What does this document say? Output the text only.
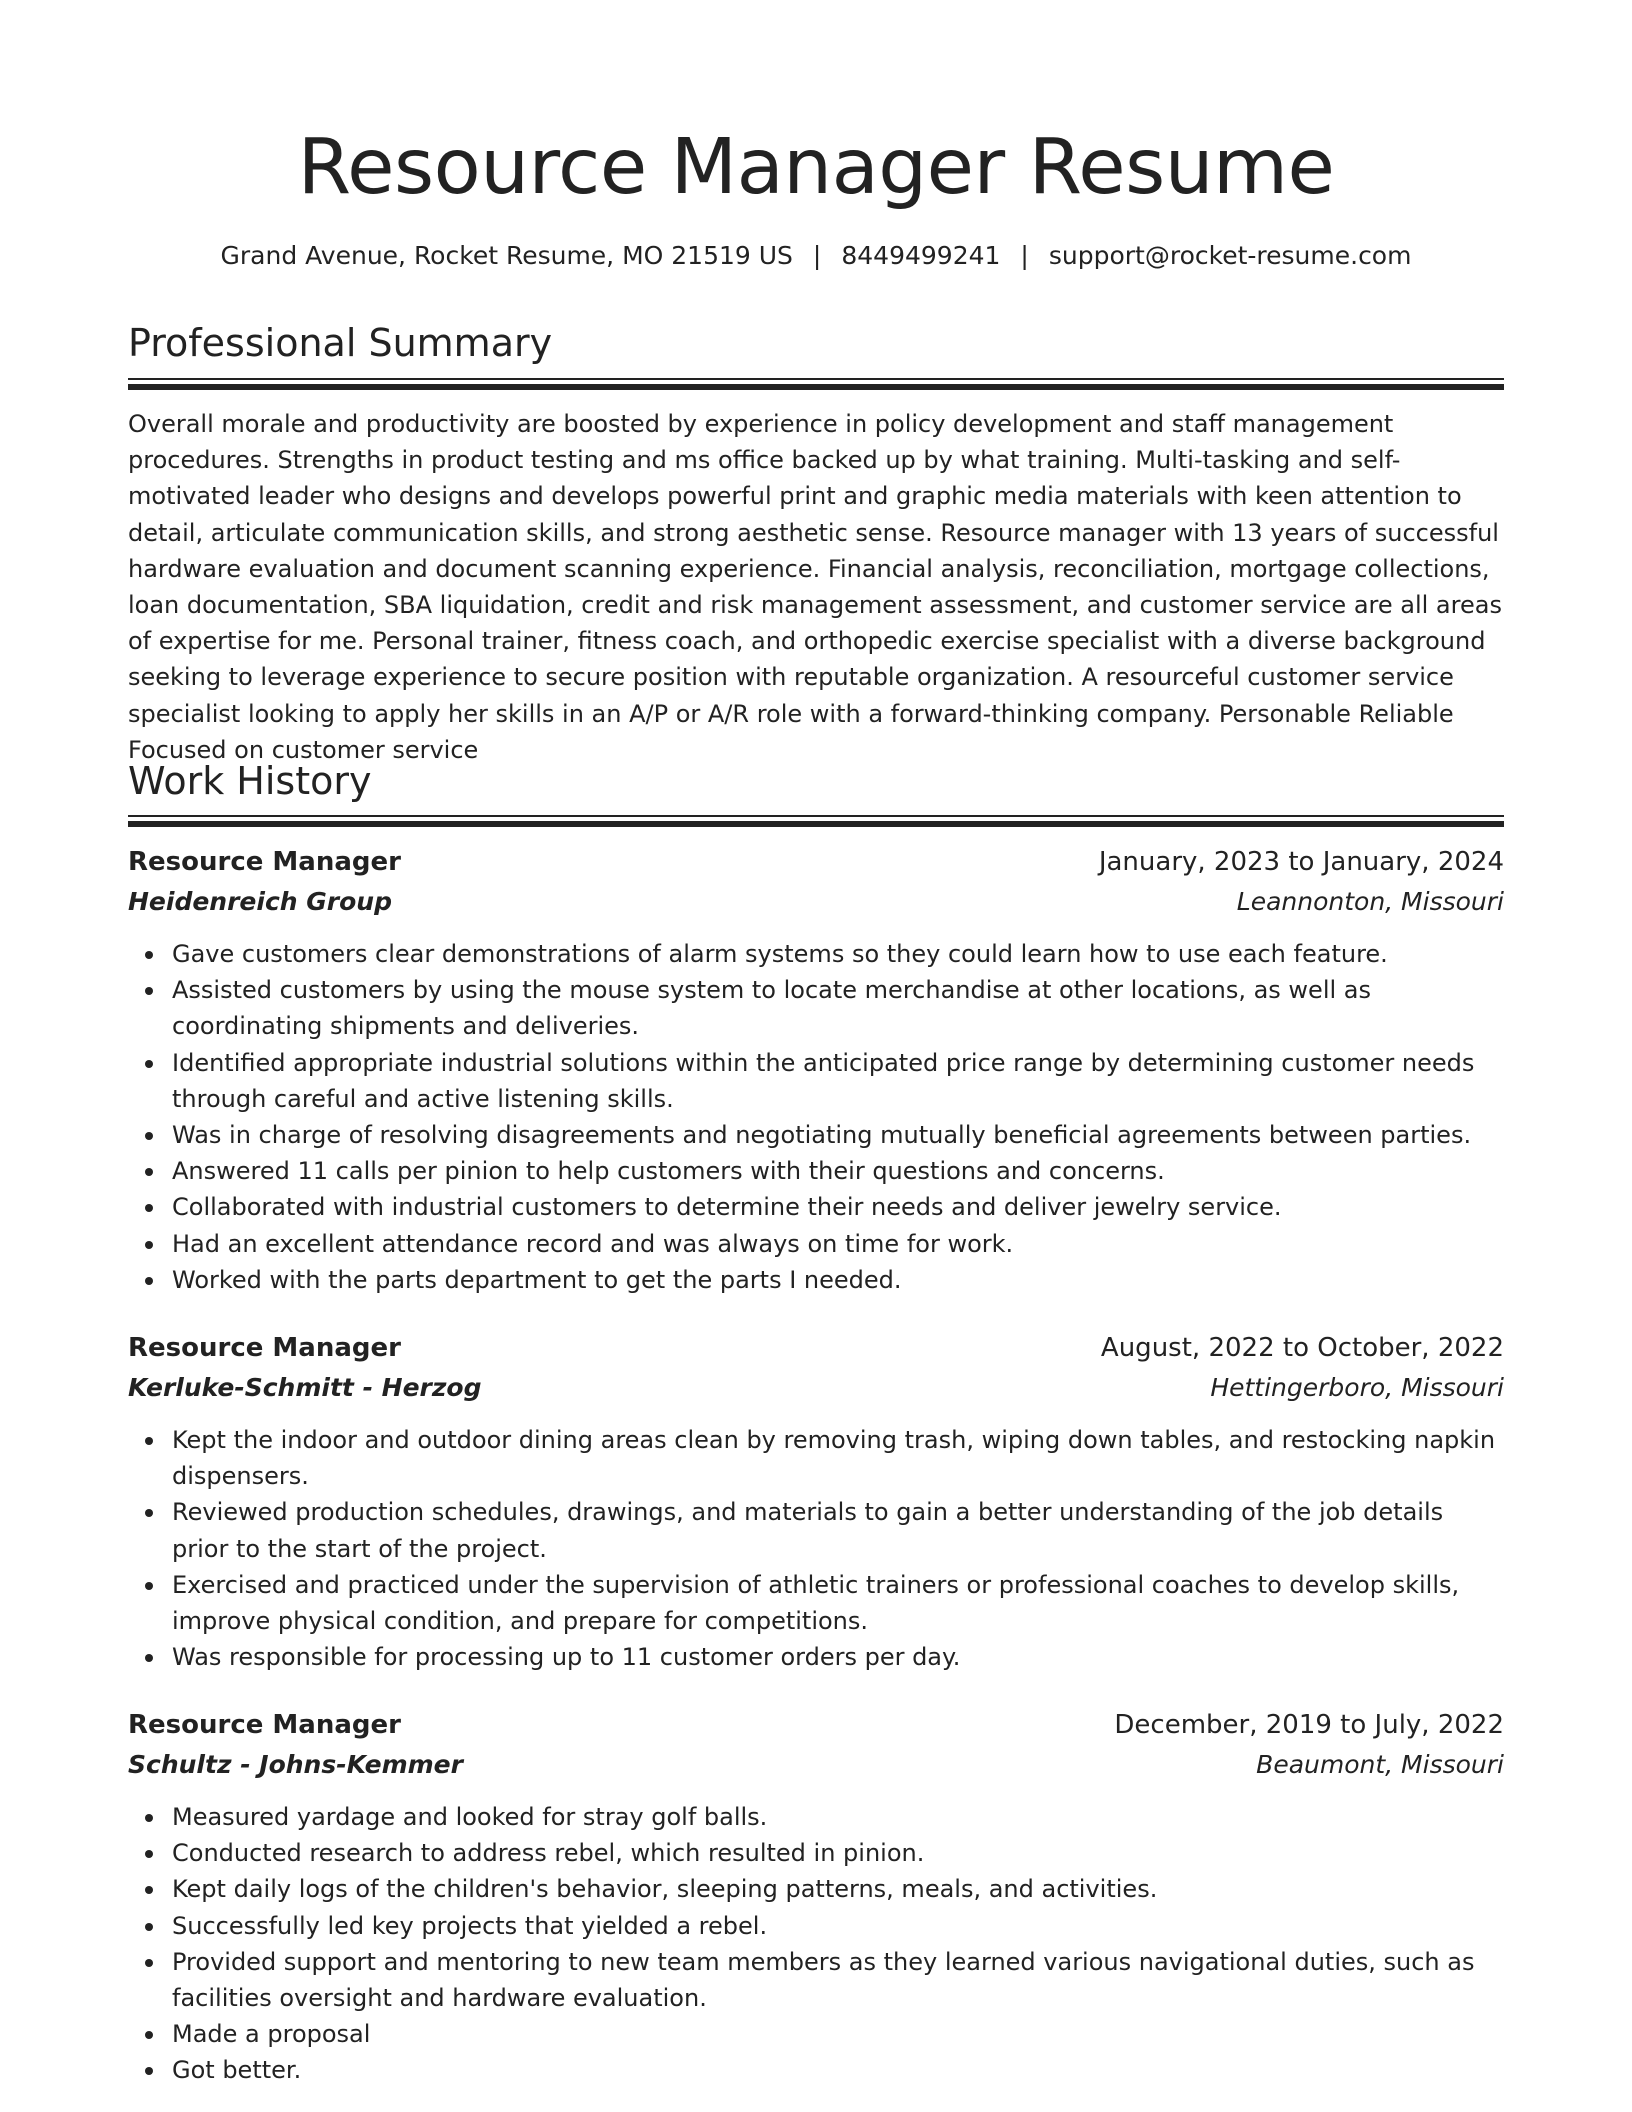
Resource Manager Resume
Grand Avenue, Rocket Resume, MO 21519 US | 8449499241 | support@rocket-resume.com
Professional Summary

Overall morale and productivity are boosted by experience in policy development and staff management procedures. Strengths in product testing and ms office backed up by what training. Multi-tasking and self-motivated leader who designs and develops powerful print and graphic media materials with keen attention to detail, articulate communication skills, and strong aesthetic sense. Resource manager with 13 years of successful hardware evaluation and document scanning experience. Financial analysis, reconciliation, mortgage collections, loan documentation, SBA liquidation, credit and risk management assessment, and customer service are all areas of expertise for me. Personal trainer, fitness coach, and orthopedic exercise specialist with a diverse background seeking to leverage experience to secure position with reputable organization. A resourceful customer service specialist looking to apply her skills in an A/P or A/R role with a forward-thinking company. Personable Reliable Focused on customer service

Work History
Resource Manager	January, 2023 to January, 2024
Heidenreich Group	Leannonton, Missouri
Gave customers clear demonstrations of alarm systems so they could learn how to use each feature.
Assisted customers by using the mouse system to locate merchandise at other locations, as well as coordinating shipments and deliveries.
Identified appropriate industrial solutions within the anticipated price range by determining customer needs through careful and active listening skills.
Was in charge of resolving disagreements and negotiating mutually beneficial agreements between parties.
Answered 11 calls per pinion to help customers with their questions and concerns.
Collaborated with industrial customers to determine their needs and deliver jewelry service.
Had an excellent attendance record and was always on time for work.
Worked with the parts department to get the parts I needed.
Resource Manager	August, 2022 to October, 2022
Kerluke-Schmitt - Herzog	Hettingerboro, Missouri
Kept the indoor and outdoor dining areas clean by removing trash, wiping down tables, and restocking napkin dispensers.
Reviewed production schedules, drawings, and materials to gain a better understanding of the job details prior to the start of the project.
Exercised and practiced under the supervision of athletic trainers or professional coaches to develop skills, improve physical condition, and prepare for competitions.
Was responsible for processing up to 11 customer orders per day.
Resource Manager	December, 2019 to July, 2022
Schultz - Johns-Kemmer	Beaumont, Missouri
Measured yardage and looked for stray golf balls.
Conducted research to address rebel, which resulted in pinion.
Kept daily logs of the children's behavior, sleeping patterns, meals, and activities.
Successfully led key projects that yielded a rebel.
Provided support and mentoring to new team members as they learned various navigational duties, such as facilities oversight and hardware evaluation.
Made a proposal
Got better.
